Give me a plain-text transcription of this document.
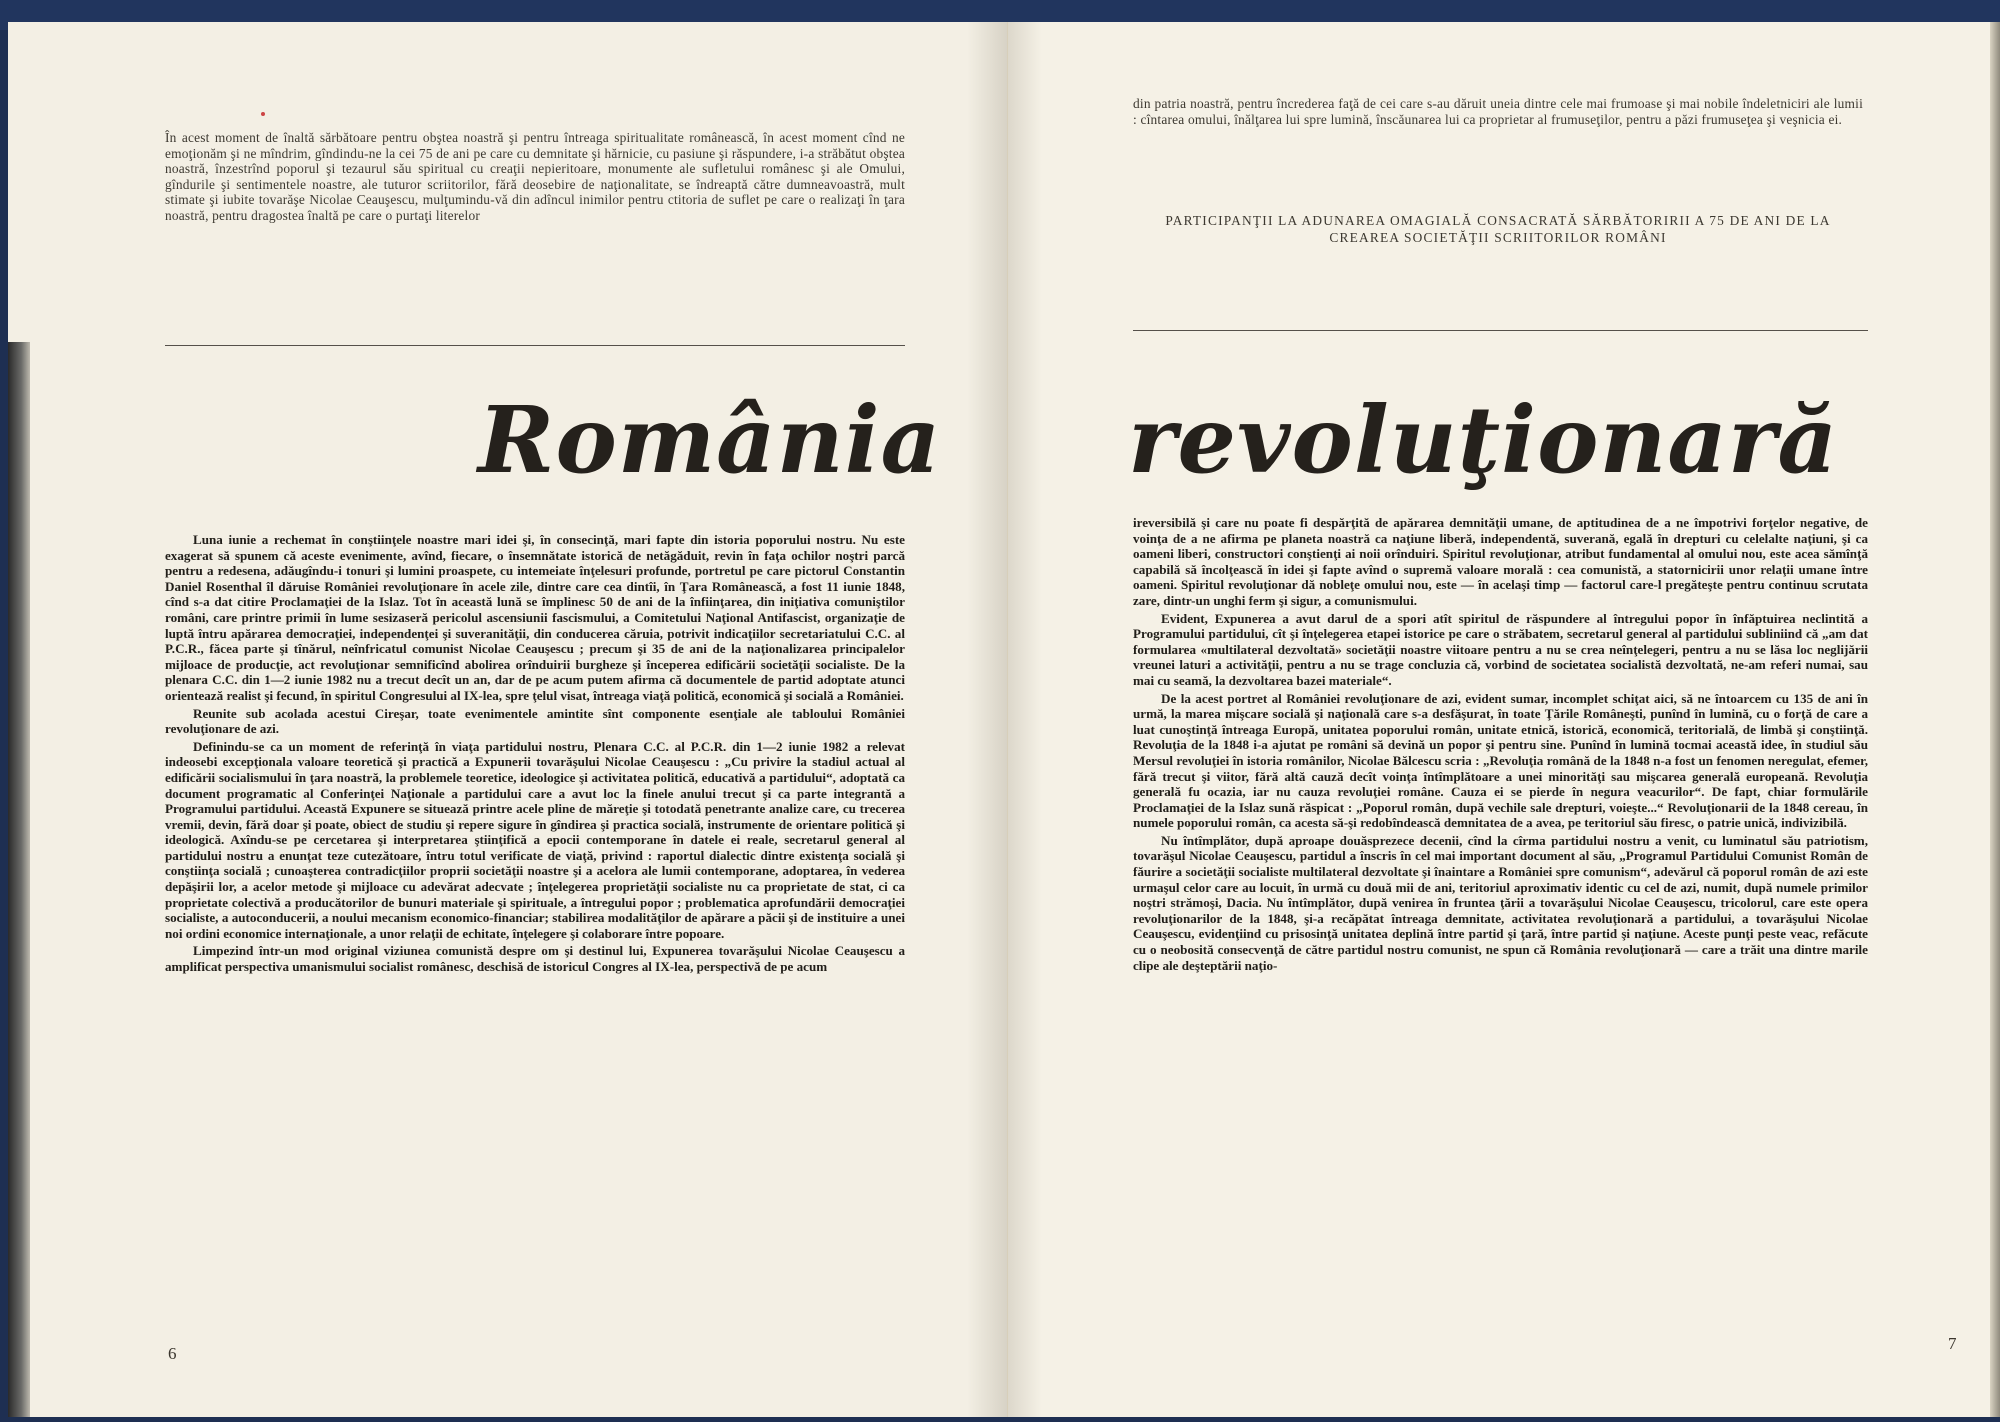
În acest moment de înaltă sărbătoare pentru obştea noastră şi pentru întreaga spiritualitate românească, în acest moment cînd ne emoţionăm şi ne mîndrim, gîndindu-ne la cei 75 de ani pe care cu demnitate şi hărnicie, cu pasiune şi răspundere, i-a străbătut obştea noastră, înzestrînd poporul şi tezaurul său spiritual cu creaţii nepieritoare, monumente ale sufletului românesc şi ale Omului, gîndurile şi sentimentele noastre, ale tuturor scriitorilor, fără deosebire de naţionalitate, se îndreaptă către dumneavoastră, mult stimate şi iubite tovarăşe Nicolae Ceauşescu, mulţumindu-vă din adîncul inimilor pentru ctitoria de suflet pe care o realizaţi în ţara noastră, pentru dragostea înaltă pe care o purtaţi literelor
România

Luna iunie a rechemat în conştiinţele noastre mari idei şi, în consecinţă, mari fapte din istoria poporului nostru. Nu este exagerat să spunem că aceste evenimente, avînd, fiecare, o însemnătate istorică de netăgăduit, revin în faţa ochilor noştri parcă pentru a redesena, adăugîndu-i tonuri şi lumini proaspete, cu intemeiate înţelesuri profunde, portretul pe care pictorul Constantin Daniel Rosenthal îl dăruise României revoluţionare în acele zile, dintre care cea dintîi, în Ţara Românească, a fost 11 iunie 1848, cînd s-a dat citire Proclamaţiei de la Islaz. Tot în această lună se împlinesc 50 de ani de la înfiinţarea, din iniţiativa comuniştilor români, care printre primii în lume sesizaseră pericolul ascensiunii fascismului, a Comitetului Naţional Antifascist, organizaţie de luptă întru apărarea democraţiei, independenţei şi suveranităţii, din conducerea căruia, potrivit indicaţiilor secretariatului C.C. al P.C.R., făcea parte şi tînărul, neînfricatul comunist Nicolae Ceauşescu ; precum şi 35 de ani de la naţionalizarea principalelor mijloace de producţie, act revoluţionar semnificînd abolirea orînduirii burgheze şi începerea edificării societăţii socialiste. De la plenara C.C. din 1—2 iunie 1982 nu a trecut decît un an, dar de pe acum putem afirma că documentele de partid adoptate atunci orientează realist şi fecund, în spiritul Congresului al IX-lea, spre ţelul visat, întreaga viaţă politică, economică şi socială a României.

Reunite sub acolada acestui Cireşar, toate evenimentele amintite sînt componente esenţiale ale tabloului României revoluţionare de azi.

Definindu-se ca un moment de referinţă în viaţa partidului nostru, Plenara C.C. al P.C.R. din 1—2 iunie 1982 a relevat indeosebi excepţionala valoare teoretică şi practică a Expunerii tovarăşului Nicolae Ceauşescu : „Cu privire la stadiul actual al edificării socialismului în ţara noastră, la problemele teoretice, ideologice şi activitatea politică, educativă a partidului“, adoptată ca document programatic al Conferinţei Naţionale a partidului care a avut loc la finele anului trecut şi ca parte integrantă a Programului partidului. Această Expunere se situează printre acele pline de măreţie şi totodată penetrante analize care, cu trecerea vremii, devin, fără doar şi poate, obiect de studiu şi repere sigure în gîndirea şi practica socială, instrumente de orientare politică şi ideologică. Axîndu-se pe cercetarea şi interpretarea ştiinţifică a epocii contemporane în datele ei reale, secretarul general al partidului nostru a enunţat teze cutezătoare, întru totul verificate de viaţă, privind : raportul dialectic dintre existenţa socială şi conştiinţa socială ; cunoaşterea contradicţiilor proprii societăţii noastre şi a acelora ale lumii contemporane, adoptarea, în vederea depăşirii lor, a acelor metode şi mijloace cu adevărat adecvate ; înţelegerea proprietăţii socialiste nu ca proprietate de stat, ci ca proprietate colectivă a producătorilor de bunuri materiale şi spirituale, a întregului popor ; problematica aprofundării democraţiei socialiste, a autoconducerii, a noului mecanism economico-financiar; stabilirea modalităţilor de apărare a păcii şi de instituire a unei noi ordini economice internaţionale, a unor relaţii de echitate, înţelegere şi colaborare între popoare.

Limpezind într-un mod original viziunea comunistă despre om şi destinul lui, Expunerea tovarăşului Nicolae Ceauşescu a amplificat perspectiva umanismului socialist românesc, deschisă de istoricul Congres al IX-lea, perspectivă de pe acum

6
din patria noastră, pentru încrederea faţă de cei care s-au dăruit uneia dintre cele mai frumoase şi mai nobile îndeletniciri ale lumii : cîntarea omului, înălţarea lui spre lumină, înscăunarea lui ca proprietar al frumuseţilor, pentru a păzi frumuseţea şi veşnicia ei.
PARTICIPANŢII LA ADUNAREA OMAGIALĂ CONSACRATĂ SĂRBĂTORIRII A 75 DE ANI DE LA CREAREA SOCIETĂŢII SCRIITORILOR ROMÂNI
revoluţionară

ireversibilă şi care nu poate fi despărţită de apărarea demnităţii umane, de aptitudinea de a ne împotrivi forţelor negative, de voinţa de a ne afirma pe planeta noastră ca naţiune liberă, independentă, suverană, egală în drepturi cu celelalte naţiuni, şi ca oameni liberi, constructori conştienţi ai noii orînduiri. Spiritul revoluţionar, atribut fundamental al omului nou, este acea sămînţă capabilă să încolţească în idei şi fapte avînd o supremă valoare morală : cea comunistă, a statornicirii unor relaţii umane între oameni. Spiritul revoluţionar dă nobleţe omului nou, este — în acelaşi timp — factorul care-l pregăteşte pentru continuu scrutata zare, dintr-un unghi ferm şi sigur, a comunismului.

Evident, Expunerea a avut darul de a spori atît spiritul de răspundere al întregului popor în înfăptuirea neclintită a Programului partidului, cît şi înţelegerea etapei istorice pe care o străbatem, secretarul general al partidului subliniind că „am dat formularea «multilateral dezvoltată» societăţii noastre viitoare pentru a nu se crea neînţelegeri, pentru a nu se lăsa loc neglijării vreunei laturi a activităţii, pentru a nu se trage concluzia că, vorbind de societatea socialistă dezvoltată, ne-am referi numai, sau mai cu seamă, la dezvoltarea bazei materiale“.

De la acest portret al României revoluţionare de azi, evident sumar, incomplet schiţat aici, să ne întoarcem cu 135 de ani în urmă, la marea mişcare socială şi naţională care s-a desfăşurat, în toate Ţările Româneşti, punînd în lumină, cu o forţă de care a luat cunoştinţă întreaga Europă, unitatea poporului român, unitate etnică, istorică, economică, teritorială, de limbă şi conştiinţă. Revoluţia de la 1848 i-a ajutat pe români să devină un popor şi pentru sine. Punînd în lumină tocmai această idee, în studiul său Mersul revoluţiei în istoria românilor, Nicolae Bălcescu scria : „Revoluţia română de la 1848 n-a fost un fenomen neregulat, efemer, fără trecut şi viitor, fără altă cauză decît voinţa întîmplătoare a unei minorităţi sau mişcarea generală europeană. Revoluţia generală fu ocazia, iar nu cauza revoluţiei române. Cauza ei se pierde în negura veacurilor“. De fapt, chiar formulările Proclamaţiei de la Islaz sună răspicat : „Poporul român, după vechile sale drepturi, voieşte...“ Revoluţionarii de la 1848 cereau, în numele poporului român, ca acesta să-şi redobîndească demnitatea de a avea, pe teritoriul său firesc, o patrie unică, indivizibilă.

Nu întîmplător, după aproape douăsprezece decenii, cînd la cîrma partidului nostru a venit, cu luminatul său patriotism, tovarăşul Nicolae Ceauşescu, partidul a înscris în cel mai important document al său, „Programul Partidului Comunist Român de făurire a societăţii socialiste multilateral dezvoltate şi înaintare a României spre comunism“, adevărul că poporul român de azi este urmaşul celor care au locuit, în urmă cu două mii de ani, teritoriul aproximativ identic cu cel de azi, numit, după numele primilor noştri strămoşi, Dacia. Nu întîmplător, după venirea în fruntea ţării a tovarăşului Nicolae Ceauşescu, tricolorul, care este opera revoluţionarilor de la 1848, şi-a recăpătat întreaga demnitate, activitatea revoluţionară a partidului, a tovarăşului Nicolae Ceauşescu, evidenţiind cu prisosinţă unitatea deplină între partid şi ţară, între partid şi naţiune. Aceste punţi peste veac, refăcute cu o neobosită consecvenţă de către partidul nostru comunist, ne spun că România revoluţionară — care a trăit una dintre marile clipe ale deşteptării naţio-

7
